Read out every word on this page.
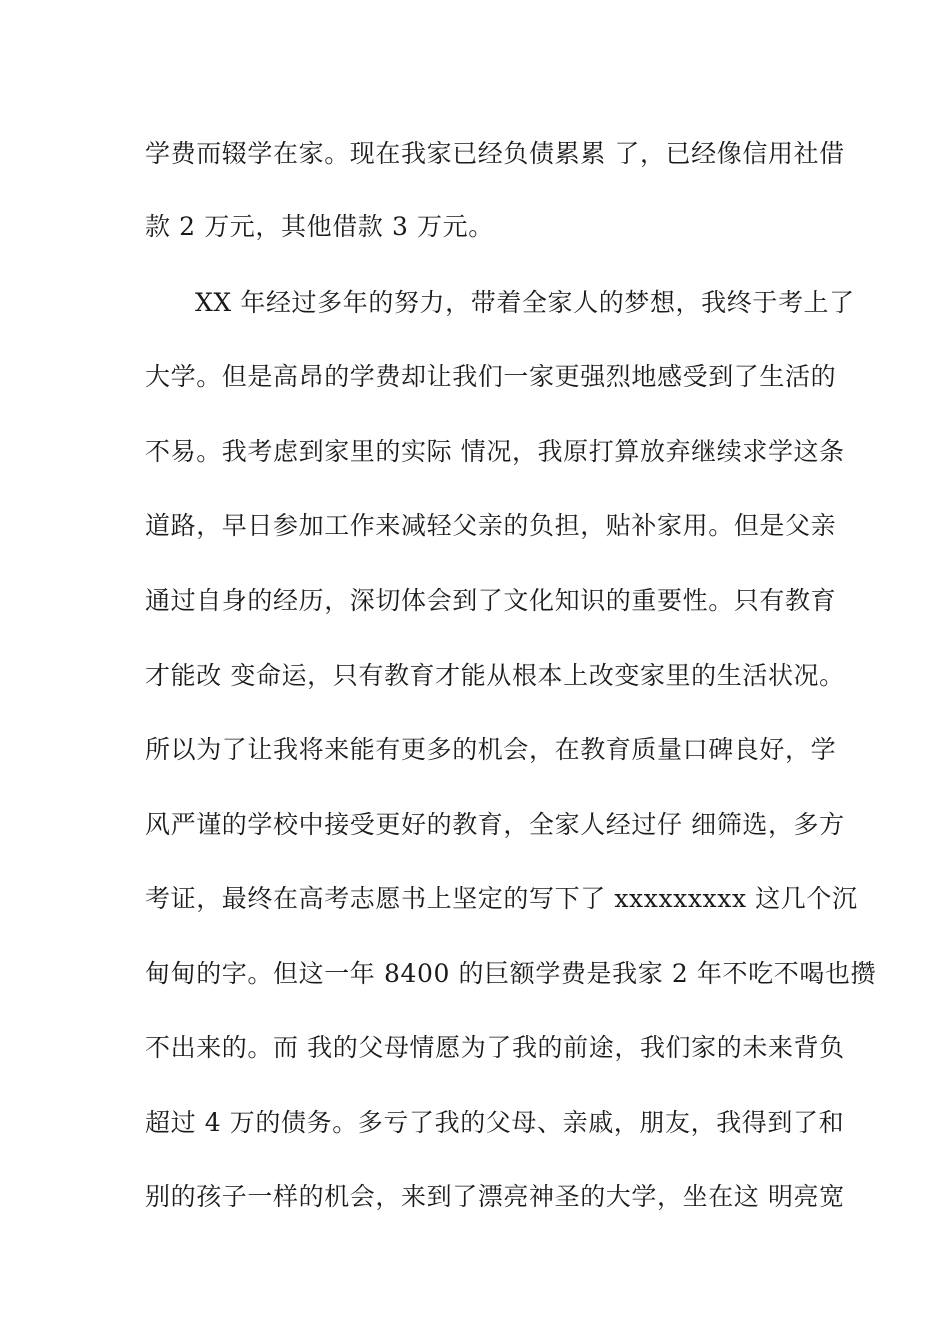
学费而辍学在家。现在我家已经负债累累 了，已经像信用社借
款 2 万元，其他借款 3 万元。
XX 年经过多年的努力，带着全家人的梦想，我终于考上了
大学。但是高昂的学费却让我们一家更强烈地感受到了生活的
不易。我考虑到家里的实际 情况，我原打算放弃继续求学这条
道路，早日参加工作来减轻父亲的负担，贴补家用。但是父亲
通过自身的经历，深切体会到了文化知识的重要性。只有教育
才能改 变命运，只有教育才能从根本上改变家里的生活状况。
所以为了让我将来能有更多的机会，在教育质量口碑良好，学
风严谨的学校中接受更好的教育，全家人经过仔 细筛选，多方
考证，最终在高考志愿书上坚定的写下了 xxxxxxxxx 这几个沉
甸甸的字。但这一年 8400 的巨额学费是我家 2 年不吃不喝也攒
不出来的。而 我的父母情愿为了我的前途，我们家的未来背负
超过 4 万的债务。多亏了我的父母、亲戚，朋友，我得到了和
别的孩子一样的机会，来到了漂亮神圣的大学，坐在这 明亮宽
